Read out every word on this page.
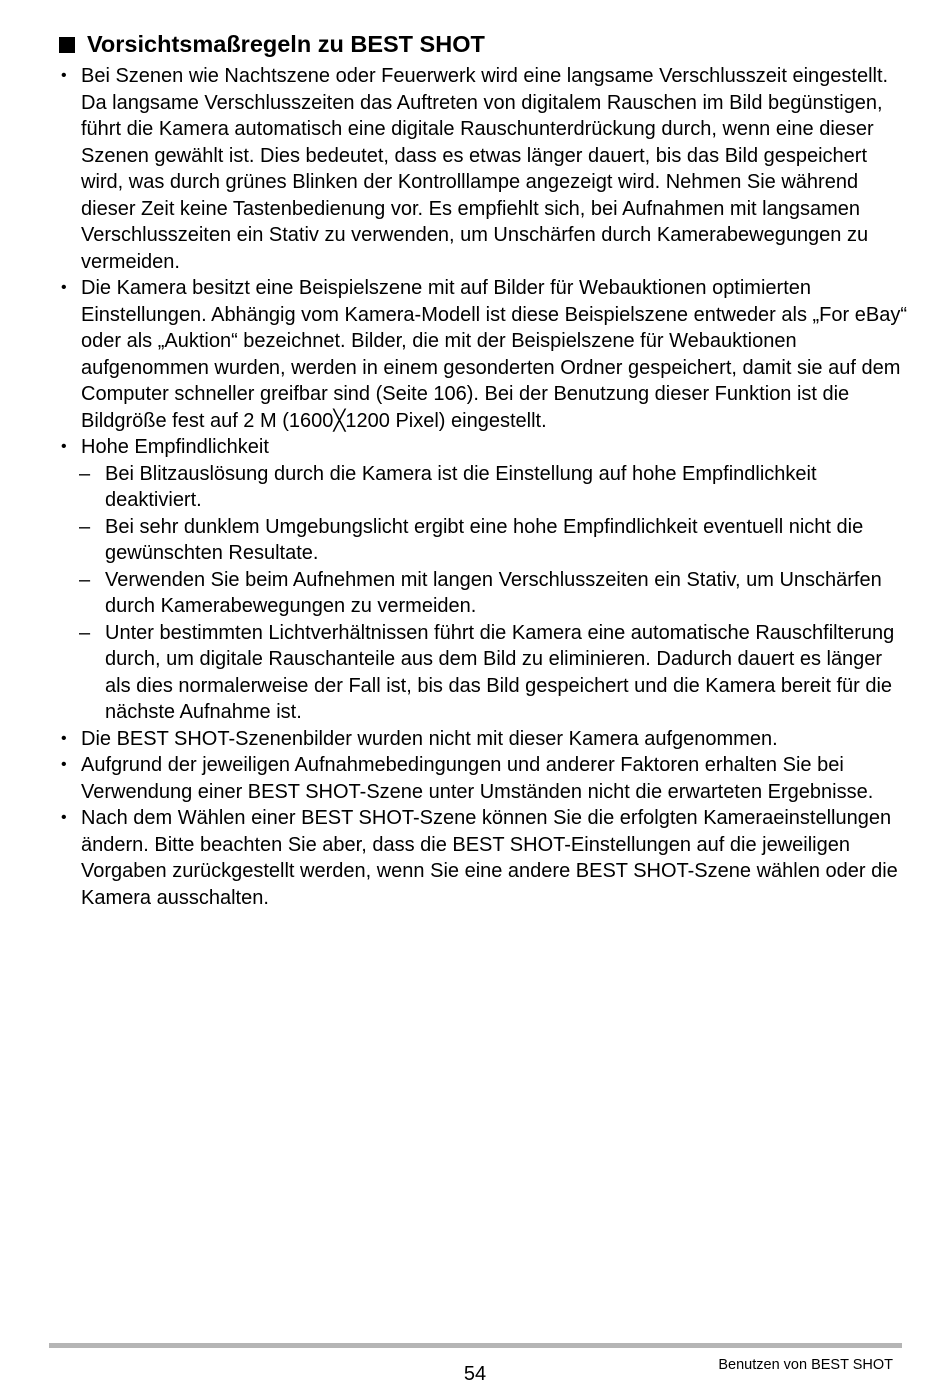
Vorsichtsmaßregeln zu BEST SHOT
• Bei Szenen wie Nachtszene oder Feuerwerk wird eine langsame Verschlusszeit eingestellt. Da langsame Verschlusszeiten das Auftreten von digitalem Rauschen im Bild begünstigen, führt die Kamera automatisch eine digitale Rauschunterdrückung durch, wenn eine dieser Szenen gewählt ist. Dies bedeutet, dass es etwas länger dauert, bis das Bild gespeichert wird, was durch grünes Blinken der Kontrolllampe angezeigt wird. Nehmen Sie während dieser Zeit keine Tastenbedienung vor. Es empfiehlt sich, bei Aufnahmen mit langsamen Verschlusszeiten ein Stativ zu verwenden, um Unschärfen durch Kamerabewegungen zu vermeiden.
• Die Kamera besitzt eine Beispielszene mit auf Bilder für Webauktionen optimierten Einstellungen. Abhängig vom Kamera-Modell ist diese Beispielszene entweder als „For eBay“ oder als „Auktion“ bezeichnet. Bilder, die mit der Beispielszene für Webauktionen aufgenommen wurden, werden in einem gesonderten Ordner gespeichert, damit sie auf dem Computer schneller greifbar sind (Seite 106). Bei der Benutzung dieser Funktion ist die Bildgröße fest auf 2 M (1600╳1200 Pixel) eingestellt.
• Hohe Empfindlichkeit
– Bei Blitzauslösung durch die Kamera ist die Einstellung auf hohe Empfindlichkeit deaktiviert.
– Bei sehr dunklem Umgebungslicht ergibt eine hohe Empfindlichkeit eventuell nicht die gewünschten Resultate.
– Verwenden Sie beim Aufnehmen mit langen Verschlusszeiten ein Stativ, um Unschärfen durch Kamerabewegungen zu vermeiden.
– Unter bestimmten Lichtverhältnissen führt die Kamera eine automatische Rauschfilterung durch, um digitale Rauschanteile aus dem Bild zu eliminieren. Dadurch dauert es länger als dies normalerweise der Fall ist, bis das Bild gespeichert und die Kamera bereit für die nächste Aufnahme ist.
• Die BEST SHOT-Szenenbilder wurden nicht mit dieser Kamera aufgenommen.
• Aufgrund der jeweiligen Aufnahmebedingungen und anderer Faktoren erhalten Sie bei Verwendung einer BEST SHOT-Szene unter Umständen nicht die erwarteten Ergebnisse.
• Nach dem Wählen einer BEST SHOT-Szene können Sie die erfolgten Kameraeinstellungen ändern. Bitte beachten Sie aber, dass die BEST SHOT-Einstellungen auf die jeweiligen Vorgaben zurückgestellt werden, wenn Sie eine andere BEST SHOT-Szene wählen oder die Kamera ausschalten.
54	Benutzen von BEST SHOT
